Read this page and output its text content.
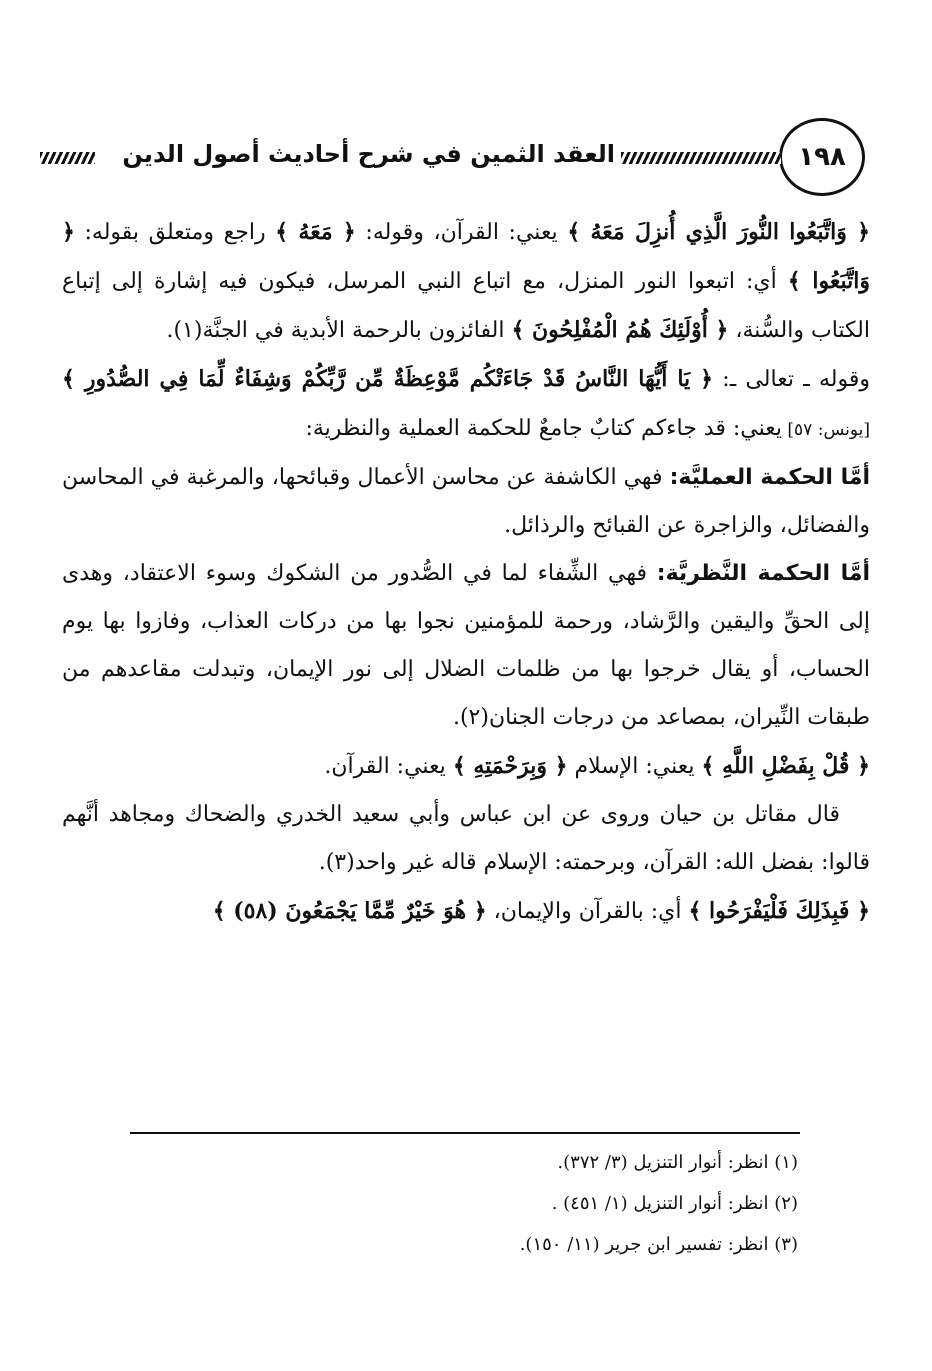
١٩٨
العقد الثمين في شرح أحاديث أصول الدين

﴿ وَاتَّبَعُوا النُّورَ الَّذِي أُنزِلَ مَعَهُ ﴾ يعني: القرآن، وقوله: ﴿ مَعَهُ ﴾ راجع ومتعلق بقوله: ﴿ وَاتَّبَعُوا ﴾ أي: اتبعوا النور المنزل، مع اتباع النبي المرسل، فيكون فيه إشارة إلى إتباع الكتاب والسُّنة، ﴿ أُوْلَئِكَ هُمُ الْمُفْلِحُونَ ﴾ الفائزون بالرحمة الأبدية في الجنَّة(١).

وقوله ـ تعالى ـ: ﴿ يَا أَيُّهَا النَّاسُ قَدْ جَاءَتْكُم مَّوْعِظَةٌ مِّن رَّبِّكُمْ وَشِفَاءٌ لِّمَا فِي الصُّدُورِ ﴾ [يونس: ٥٧] يعني: قد جاءكم كتابٌ جامعٌ للحكمة العملية والنظرية:

أمَّا الحكمة العمليَّة: فهي الكاشفة عن محاسن الأعمال وقبائحها، والمرغبة في المحاسن والفضائل، والزاجرة عن القبائح والرذائل.

أمَّا الحكمة النَّظريَّة: فهي الشِّفاء لما في الصُّدور من الشكوك وسوء الاعتقاد، وهدى إلى الحقِّ واليقين والرَّشاد، ورحمة للمؤمنين نجوا بها من دركات العذاب، وفازوا بها يوم الحساب، أو يقال خرجوا بها من ظلمات الضلال إلى نور الإيمان، وتبدلت مقاعدهم من طبقات النِّيران، بمصاعد من درجات الجنان(٢).

﴿ قُلْ بِفَضْلِ اللَّهِ ﴾ يعني: الإسلام ﴿ وَبِرَحْمَتِهِ ﴾ يعني: القرآن.

قال مقاتل بن حيان وروى عن ابن عباس وأبي سعيد الخدري والضحاك ومجاهد أنَّهم قالوا: بفضل الله: القرآن، وبرحمته: الإسلام قاله غير واحد(٣).

﴿ فَبِذَلِكَ فَلْيَفْرَحُوا ﴾ أي: بالقرآن والإيمان، ﴿ هُوَ خَيْرٌ مِّمَّا يَجْمَعُونَ (٥٨) ﴾

(١) انظر: أنوار التنزيل (٣/ ٣٧٢).
(٢) انظر: أنوار التنزيل (١/ ٤٥١) .
(٣) انظر: تفسير ابن جرير (١١/ ١٥٠).
